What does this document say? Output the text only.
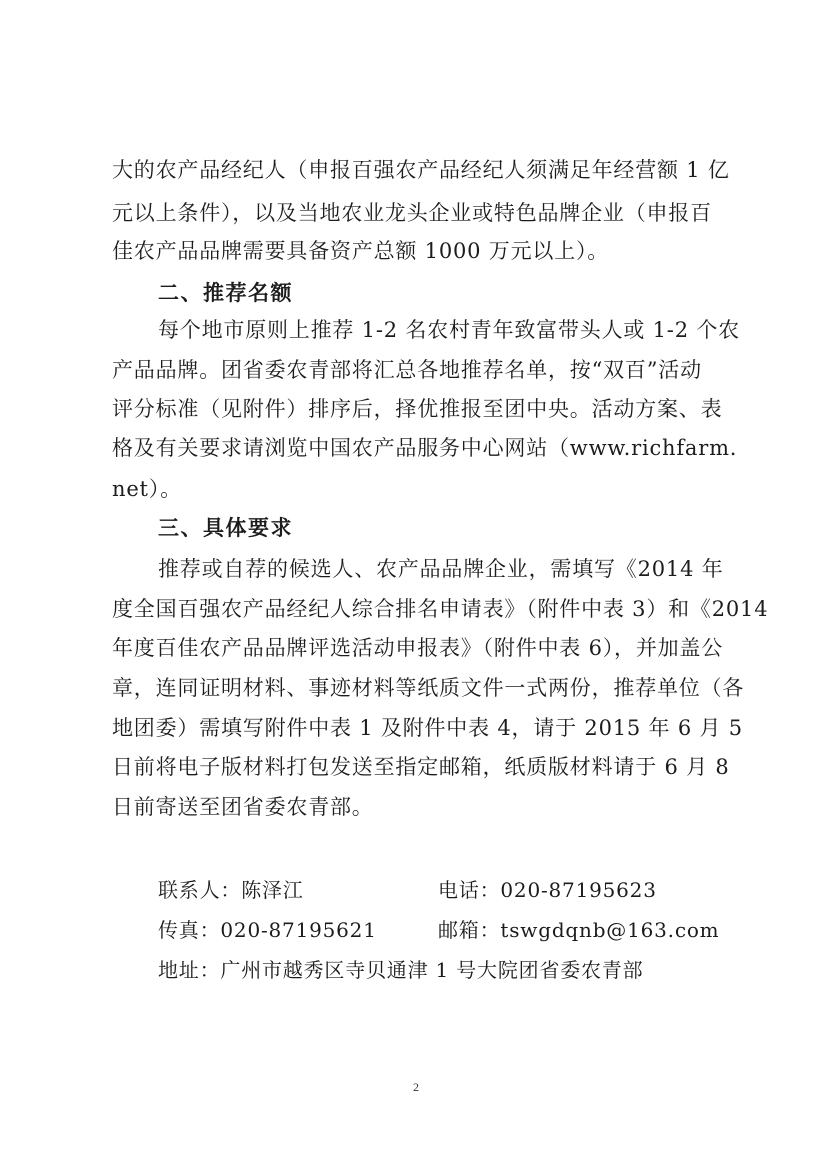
大的农产品经纪人（申报百强农产品经纪人须满足年经营额 1 亿
元以上条件），以及当地农业龙头企业或特色品牌企业（申报百
佳农产品品牌需要具备资产总额 1000 万元以上）。
二、推荐名额
每个地市原则上推荐 1-2 名农村青年致富带头人或 1-2 个农
产品品牌。团省委农青部将汇总各地推荐名单，按“双百”活动
评分标准（见附件）排序后，择优推报至团中央。活动方案、表
格及有关要求请浏览中国农产品服务中心网站（www.richfarm.
net）。
三、具体要求
推荐或自荐的候选人、农产品品牌企业，需填写《2014 年
度全国百强农产品经纪人综合排名申请表》（附件中表 3）和《2014
年度百佳农产品品牌评选活动申报表》（附件中表 6），并加盖公
章，连同证明材料、事迹材料等纸质文件一式两份，推荐单位（各
地团委）需填写附件中表 1 及附件中表 4，请于 2015 年 6 月 5
日前将电子版材料打包发送至指定邮箱，纸质版材料请于 6 月 8
日前寄送至团省委农青部。
联系人：陈泽江	电话：020-87195623
传真：020-87195621	邮箱：tswgdqnb@163.com
地址：广州市越秀区寺贝通津 1 号大院团省委农青部
2
